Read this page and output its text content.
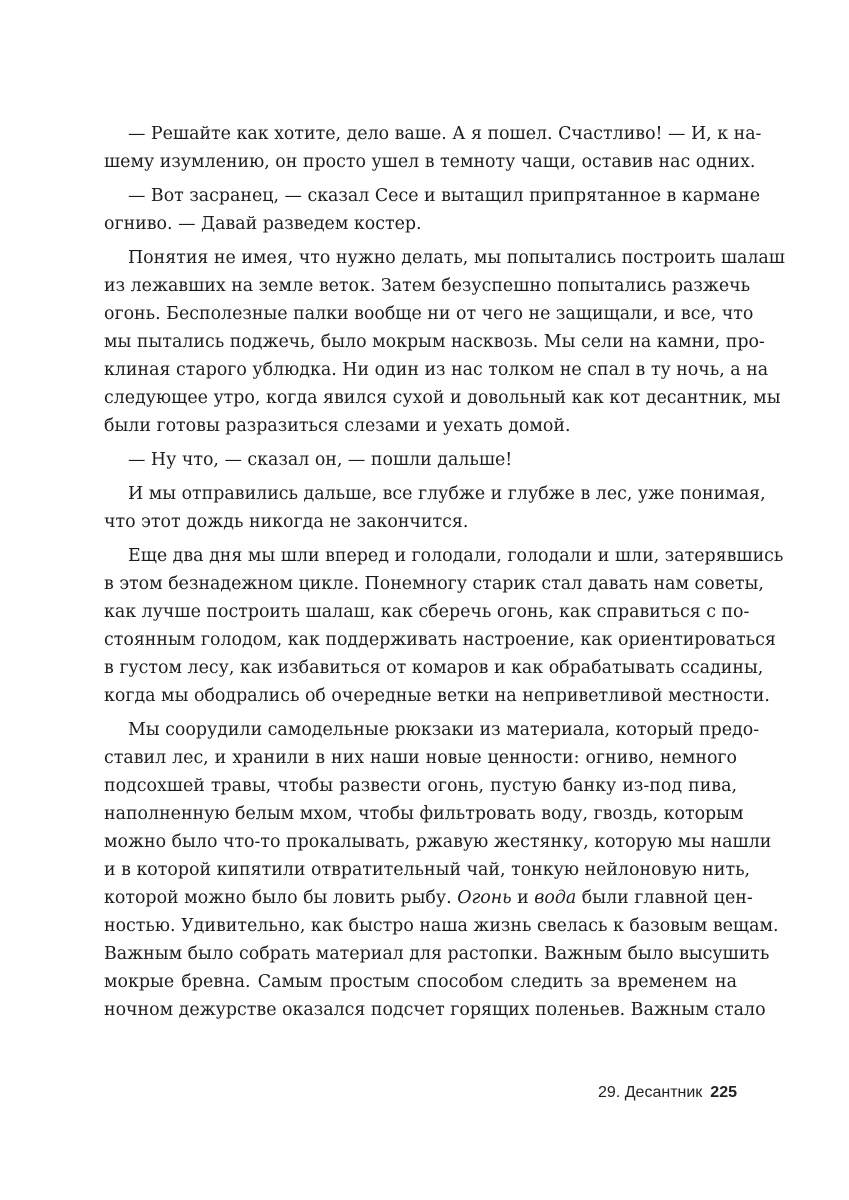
— Решайте как хотите, дело ваше. А я пошел. Счастливо! — И, к на-
шему изумлению, он просто ушел в темноту чащи, оставив нас одних.
— Вот засранец, — сказал Сесе и вытащил припрятанное в кармане
огниво. — Давай разведем костер.
Понятия не имея, что нужно делать, мы попытались построить шалаш
из лежавших на земле веток. Затем безуспешно попытались разжечь
огонь. Бесполезные палки вообще ни от чего не защищали, и все, что
мы пытались поджечь, было мокрым насквозь. Мы сели на камни, про-
клиная старого ублюдка. Ни один из нас толком не спал в ту ночь, а на
следующее утро, когда явился сухой и довольный как кот десантник, мы
были готовы разразиться слезами и уехать домой.
— Ну что, — сказал он, — пошли дальше!
И мы отправились дальше, все глубже и глубже в лес, уже понимая,
что этот дождь никогда не закончится.
Еще два дня мы шли вперед и голодали, голодали и шли, затерявшись
в этом безнадежном цикле. Понемногу старик стал давать нам советы,
как лучше построить шалаш, как сберечь огонь, как справиться с по-
стоянным голодом, как поддерживать настроение, как ориентироваться
в густом лесу, как избавиться от комаров и как обрабатывать ссадины,
когда мы ободрались об очередные ветки на неприветливой местности.
Мы соорудили самодельные рюкзаки из материала, который предо-
ставил лес, и хранили в них наши новые ценности: огниво, немного
подсохшей травы, чтобы развести огонь, пустую банку из-под пива,
наполненную белым мхом, чтобы фильтровать воду, гвоздь, которым
можно было что-то прокалывать, ржавую жестянку, которую мы нашли
и в которой кипятили отвратительный чай, тонкую нейлоновую нить,
которой можно было бы ловить рыбу. Огонь и вода были главной цен-
ностью. Удивительно, как быстро наша жизнь свелась к базовым вещам.
Важным было собрать материал для растопки. Важным было высушить
мокрые бревна. Самым простым способом следить за временем на
ночном дежурстве оказался подсчет горящих поленьев. Важным стало
29. Десантник 225
